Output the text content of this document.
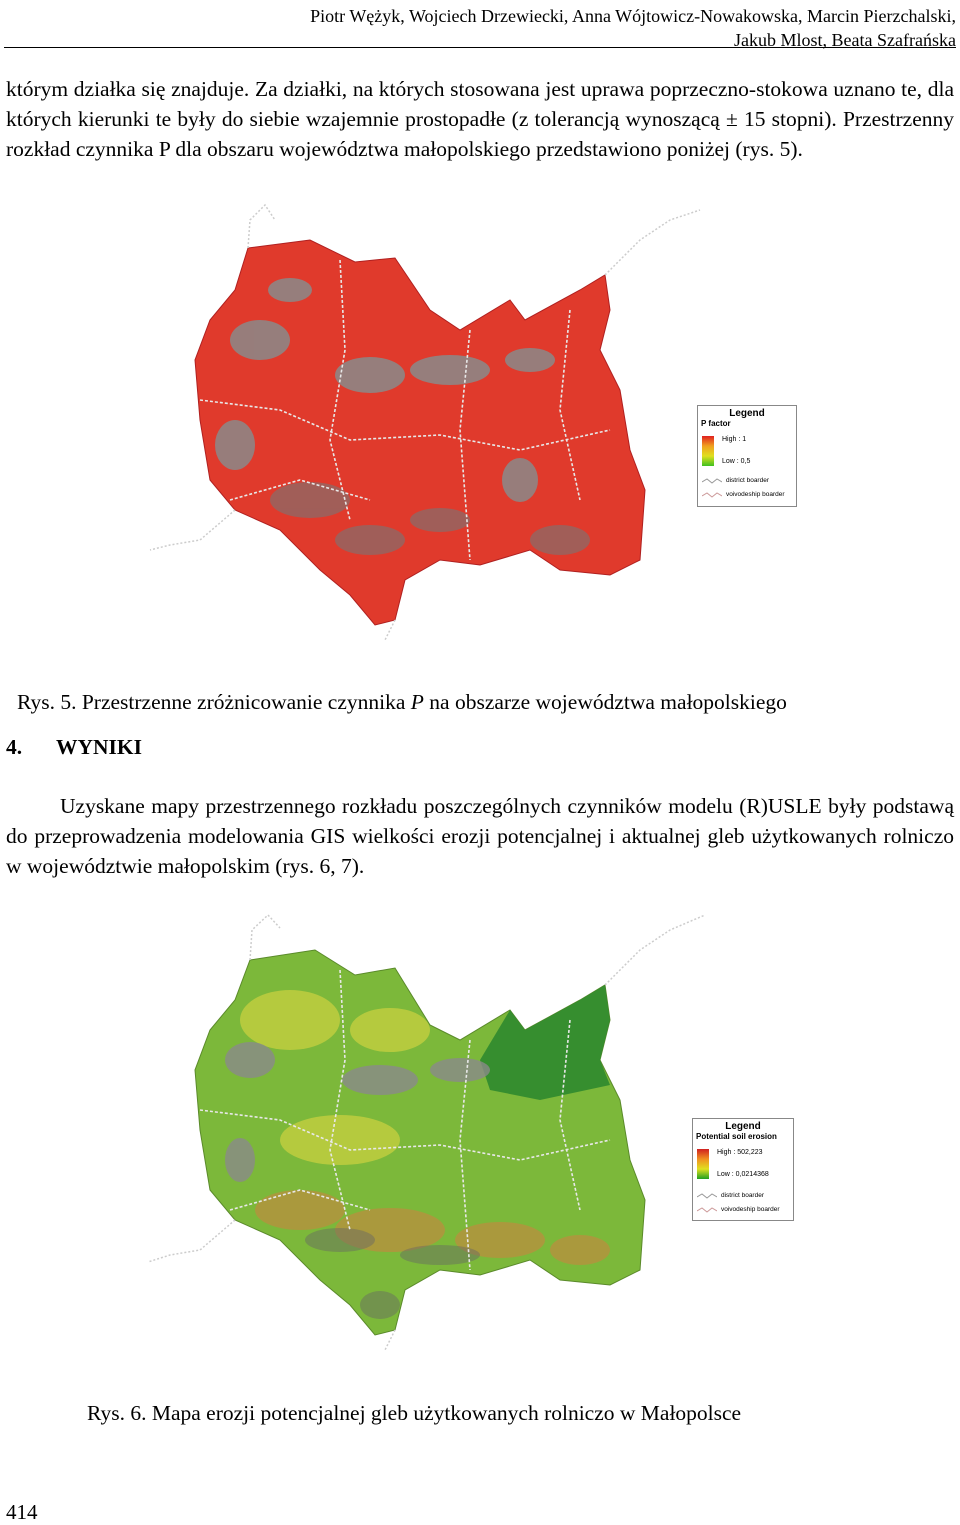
Piotr Wężyk, Wojciech Drzewiecki, Anna Wójtowicz-Nowakowska, Marcin Pierzchalski,
Jakub Mlost, Beata Szafrańska

którym działka się znajduje. Za działki, na których stosowana jest uprawa poprzeczno-stokowa uznano te, dla których kierunki te były do siebie wzajemnie prostopadłe (z tolerancją wynoszącą ± 15 stopni). Przestrzenny rozkład czynnika P dla obszaru województwa małopolskiego przedstawiono poniżej (rys. 5).

Legend
P factor
High : 1
Low : 0,5
district boarder
voivodeship boarder
Rys. 5. Przestrzenne zróżnicowanie czynnika P na obszarze województwa małopolskiego
4. WYNIKI

Uzyskane mapy przestrzennego rozkładu poszczególnych czynników modelu (R)USLE były podstawą do przeprowadzenia modelowania GIS wielkości erozji potencjalnej i aktualnej gleb użytkowanych rolniczo w województwie małopolskim (rys. 6, 7).

Legend
Potential soil erosion
High : 502,223
Low : 0,0214368
district boarder
voivodeship boarder
Rys. 6. Mapa erozji potencjalnej gleb użytkowanych rolniczo w Małopolsce
414
